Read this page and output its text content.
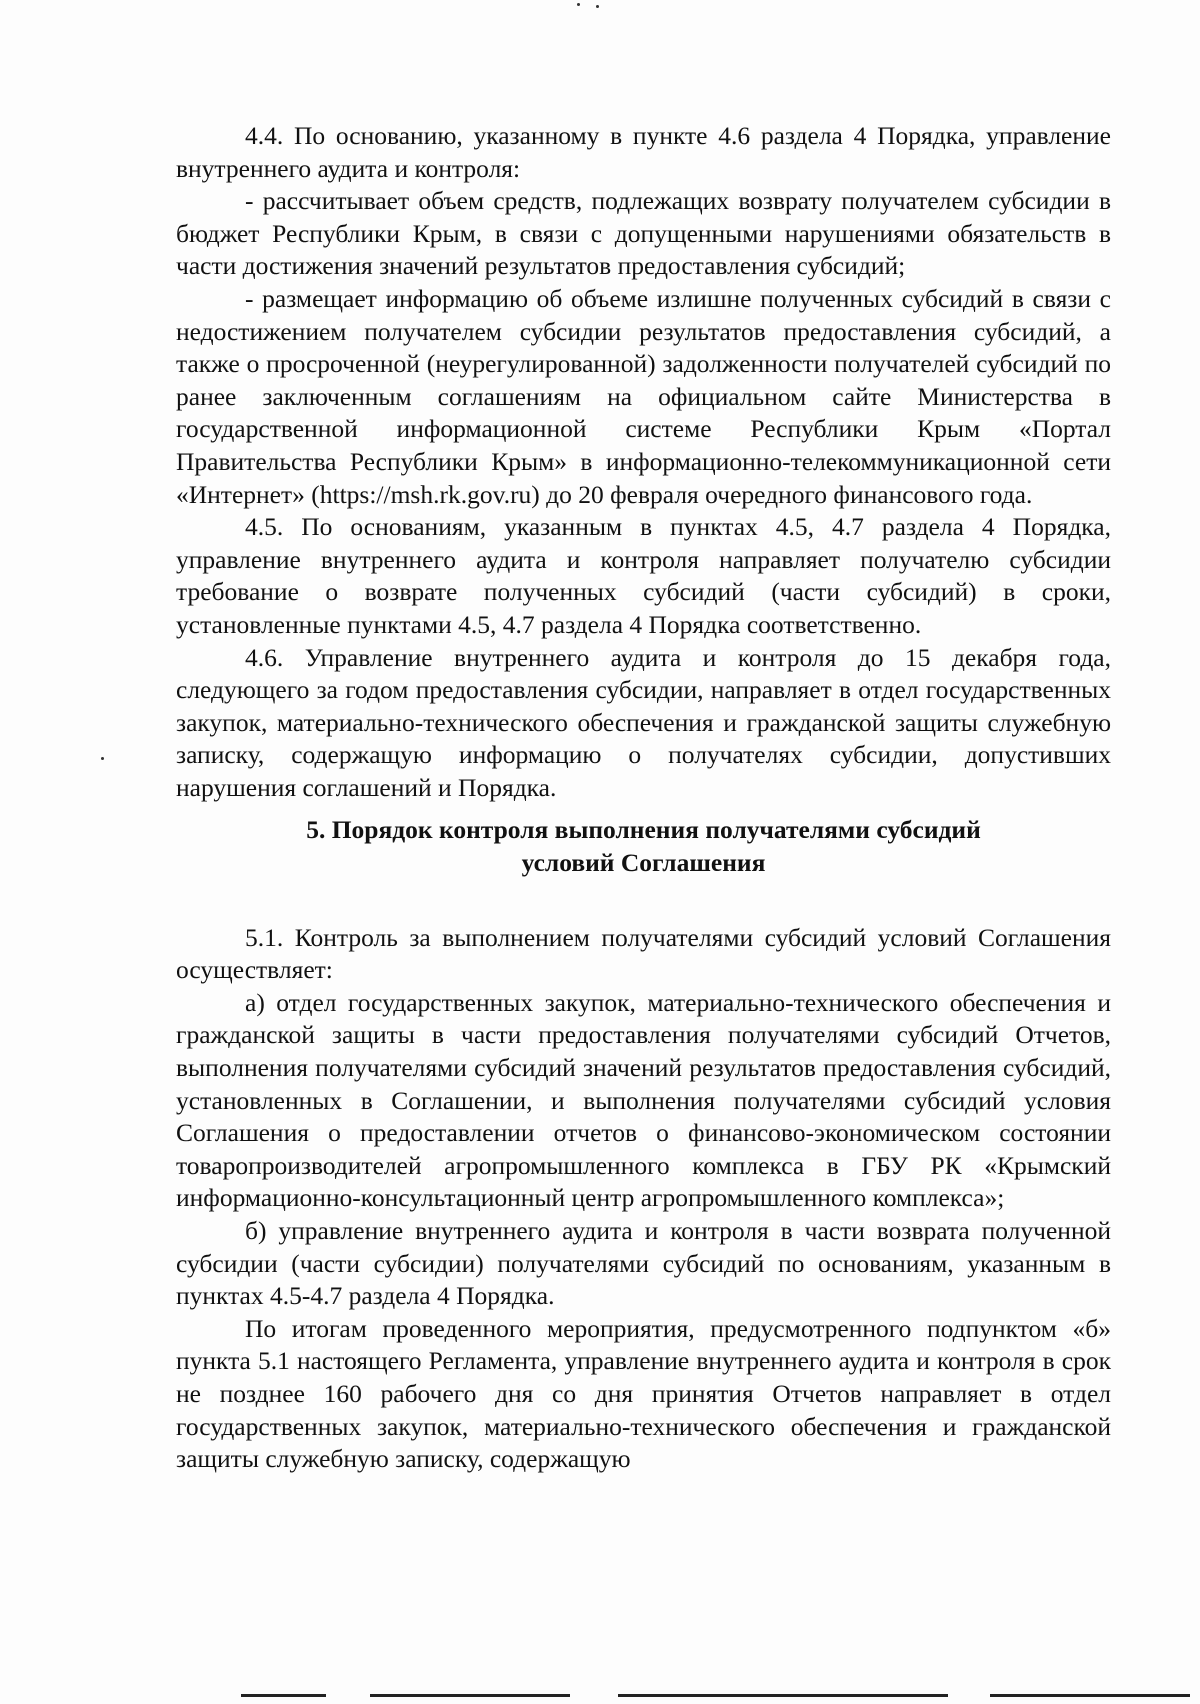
4.4. По основанию, указанному в пункте 4.6 раздела 4 Порядка, управление внутреннего аудита и контроля:

- рассчитывает объем средств, подлежащих возврату получателем субсидии в бюджет Республики Крым, в связи с допущенными нарушениями обязательств в части достижения значений результатов предоставления субсидий;

- размещает информацию об объеме излишне полученных субсидий в связи с недостижением получателем субсидии результатов предоставления субсидий, а также о просроченной (неурегулированной) задолженности получателей субсидий по ранее заключенным соглашениям на официальном сайте Министерства в государственной информационной системе Республики Крым «Портал Правительства Республики Крым» в информационно-телекоммуникационной сети «Интернет» (https://msh.rk.gov.ru) до 20 февраля очередного финансового года.

4.5. По основаниям, указанным в пунктах 4.5, 4.7 раздела 4 Порядка, управление внутреннего аудита и контроля направляет получателю субсидии требование о возврате полученных субсидий (части субсидий) в сроки, установленные пунктами 4.5, 4.7 раздела 4 Порядка соответственно.

4.6. Управление внутреннего аудита и контроля до 15 декабря года, следующего за годом предоставления субсидии, направляет в отдел государственных закупок, материально-технического обеспечения и гражданской защиты служебную записку, содержащую информацию о получателях субсидии, допустивших нарушения соглашений и Порядка.

5. Порядок контроля выполнения получателями субсидий
условий Соглашения

5.1. Контроль за выполнением получателями субсидий условий Соглашения осуществляет:

а) отдел государственных закупок, материально-технического обеспечения и гражданской защиты в части предоставления получателями субсидий Отчетов, выполнения получателями субсидий значений результатов предоставления субсидий, установленных в Соглашении, и выполнения получателями субсидий условия Соглашения о предоставлении отчетов о финансово-экономическом состоянии товаропроизводителей агропромышленного комплекса в ГБУ РК «Крымский информационно-консультационный центр агропромышленного комплекса»;

б) управление внутреннего аудита и контроля в части возврата полученной субсидии (части субсидии) получателями субсидий по основаниям, указанным в пунктах 4.5-4.7 раздела 4 Порядка.

По итогам проведенного мероприятия, предусмотренного подпунктом «б» пункта 5.1 настоящего Регламента, управление внутреннего аудита и контроля в срок не позднее 160 рабочего дня со дня принятия Отчетов направляет в отдел государственных закупок, материально-технического обеспечения и гражданской защиты служебную записку, содержащую
